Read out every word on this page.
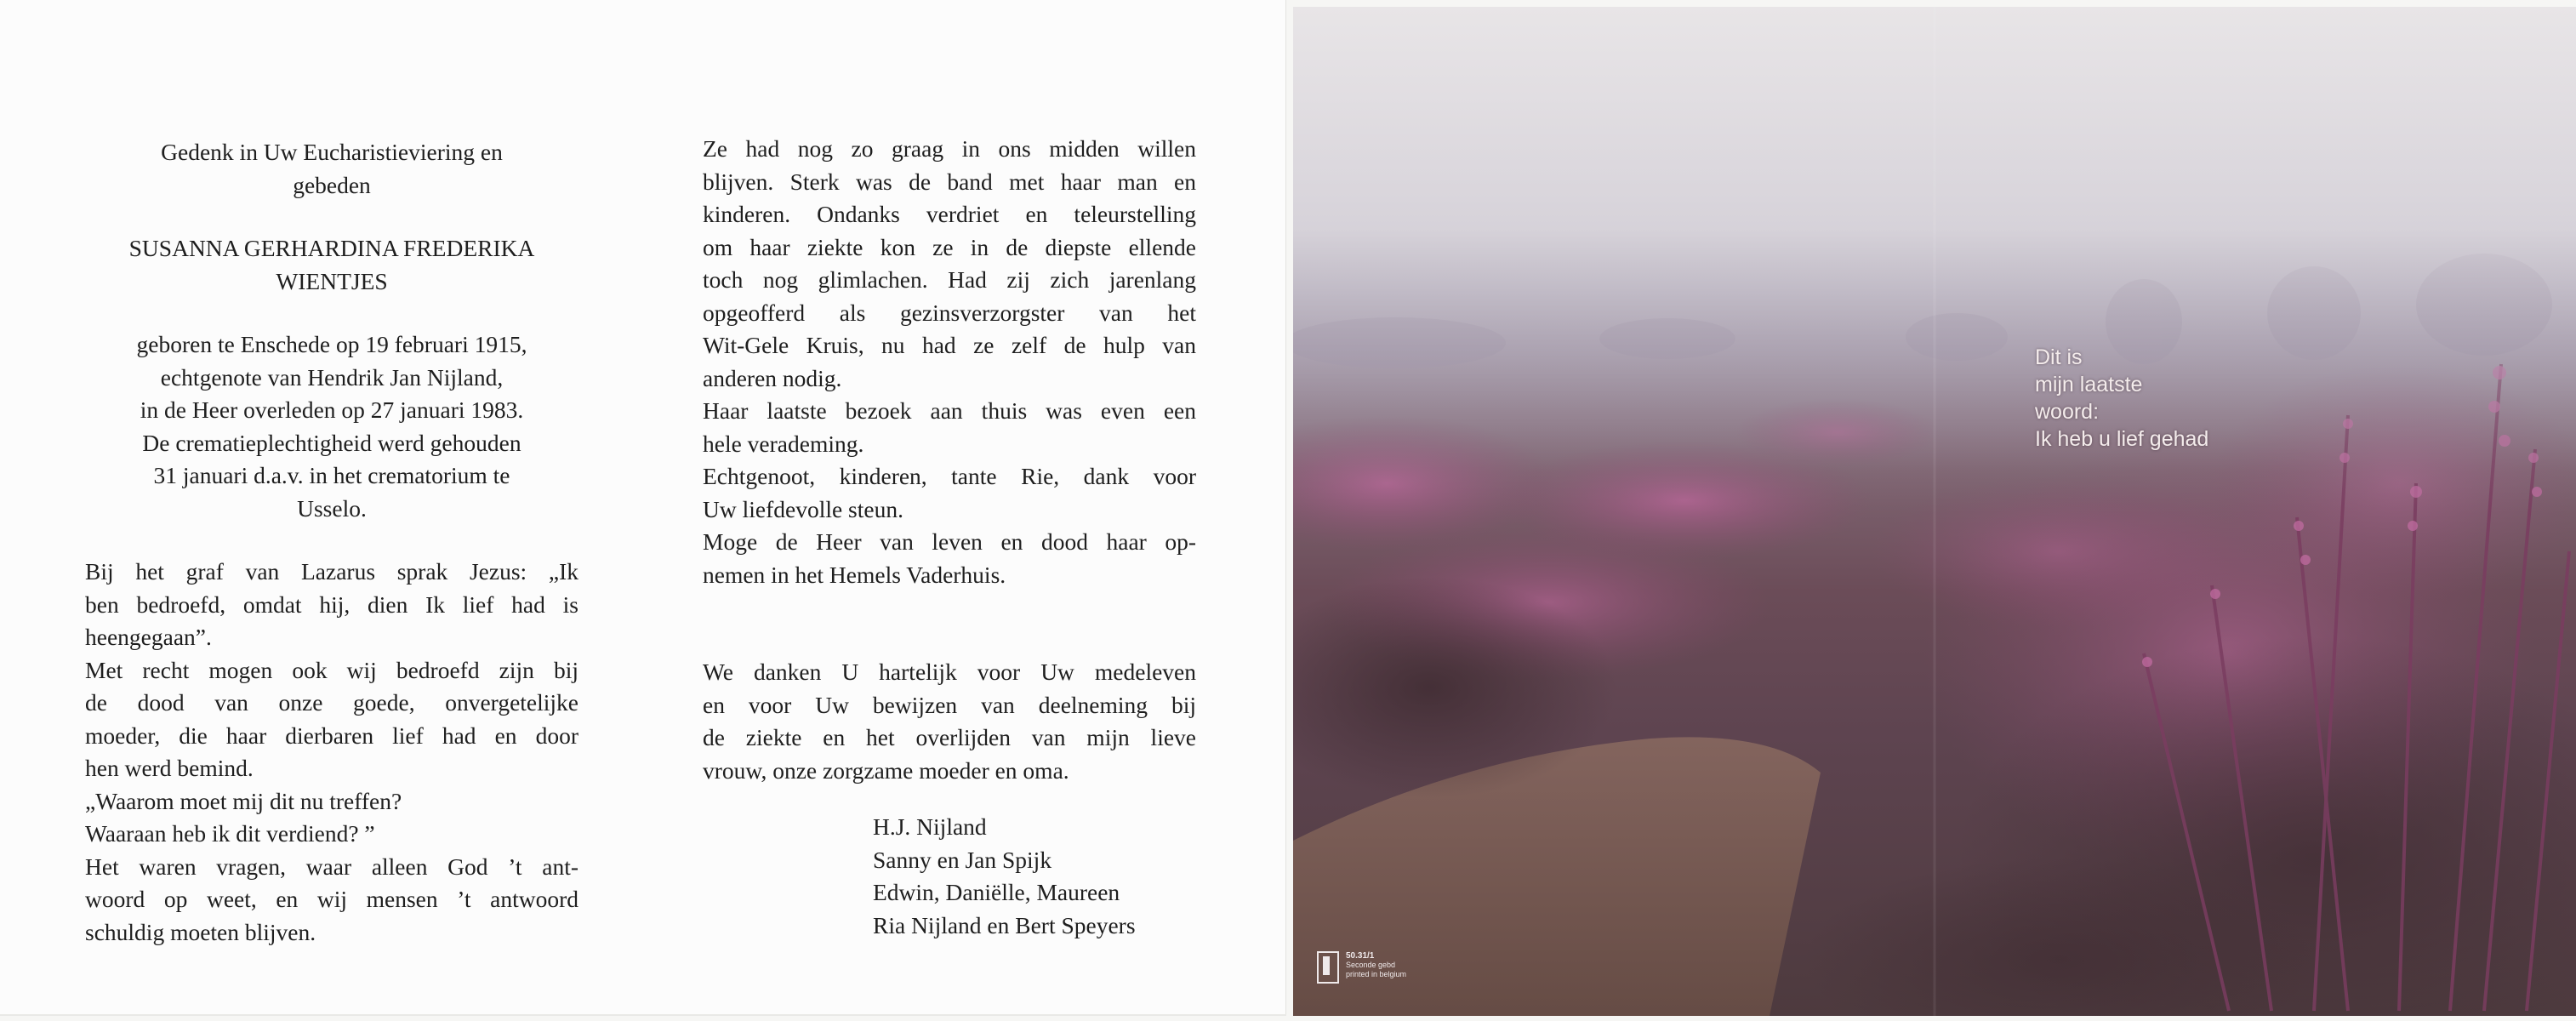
Gedenk in Uw Eucharistieviering en
gebeden
SUSANNA GERHARDINA FREDERIKA
WIENTJES
geboren te Enschede op 19 februari 1915,
echtgenote van Hendrik Jan Nijland,
in de Heer overleden op 27 januari 1983.
De crematieplechtigheid werd gehouden
31 januari d.a.v. in het crematorium te
Usselo.
Bij het graf van Lazarus sprak Jezus: „Ik
ben bedroefd, omdat hij, dien Ik lief had is
heengegaan”.
Met recht mogen ook wij bedroefd zijn bij
de dood van onze goede, onvergetelijke
moeder, die haar dierbaren lief had en door
hen werd bemind.
„Waarom moet mij dit nu treffen?
Waaraan heb ik dit verdiend? ”
Het waren vragen, waar alleen God ’t ant-
woord op weet, en wij mensen ’t antwoord
schuldig moeten blijven.
Ze had nog zo graag in ons midden willen
blijven. Sterk was de band met haar man en
kinderen. Ondanks verdriet en teleurstelling
om haar ziekte kon ze in de diepste ellende
toch nog glimlachen. Had zij zich jarenlang
opgeofferd als gezinsverzorgster van het
Wit-Gele Kruis, nu had ze zelf de hulp van
anderen nodig.
Haar laatste bezoek aan thuis was even een
hele verademing.
Echtgenoot, kinderen, tante Rie, dank voor
Uw liefdevolle steun.
Moge de Heer van leven en dood haar op-
nemen in het Hemels Vaderhuis.
We danken U hartelijk voor Uw medeleven
en voor Uw bewijzen van deelneming bij
de ziekte en het overlijden van mijn lieve
vrouw, onze zorgzame moeder en oma.
H.J. Nijland
Sanny en Jan Spijk
Edwin, Daniëlle, Maureen
Ria Nijland en Bert Speyers
Dit is
mijn laatste
woord:
Ik heb u lief gehad
50.31/1
Seconde gebd
printed in belgium
